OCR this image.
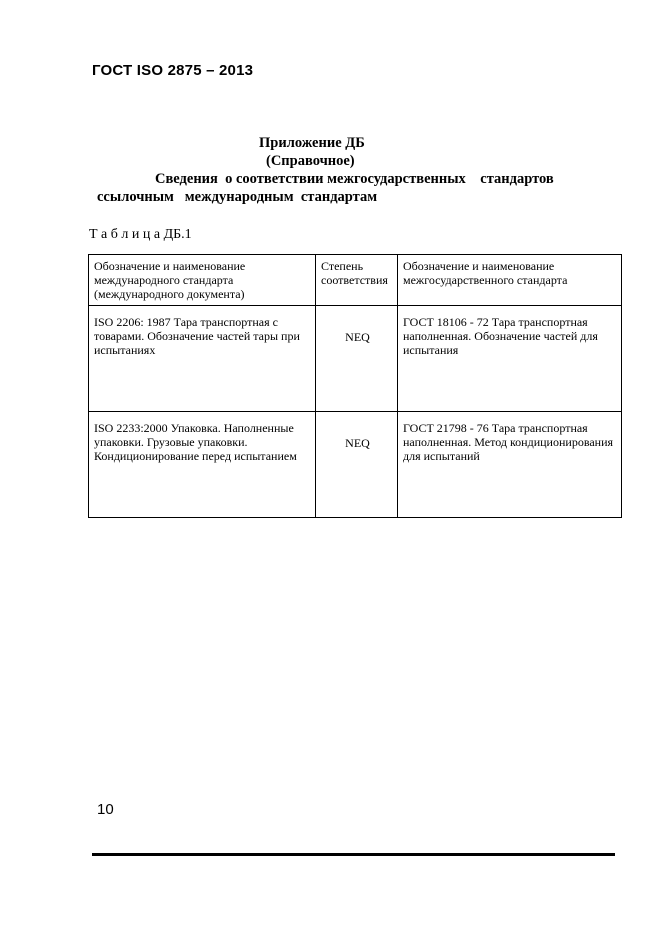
ГОСТ ISO 2875 – 2013
Приложение ДБ
(Справочное)
Сведения  о соответствии межгосударственных    стандартов
ссылочным   международным  стандартам
Т а б л и ц а ДБ.1
Обозначение и наименование международного стандарта (международного документа)	Степень соответствия	Обозначение и наименование межгосударственного стандарта
ISO 2206: 1987 Тара транспортная с товарами. Обозначение частей тары при испытаниях	NEQ	ГОСТ 18106 - 72 Тара транспортная наполненная. Обозначение частей для испытания
ISO 2233:2000 Упаковка. Наполненные упаковки. Грузовые упаковки. Кондиционирование перед испытанием	NEQ	ГОСТ 21798 - 76 Тара транспортная наполненная. Метод кондиционирования для испытаний
10
